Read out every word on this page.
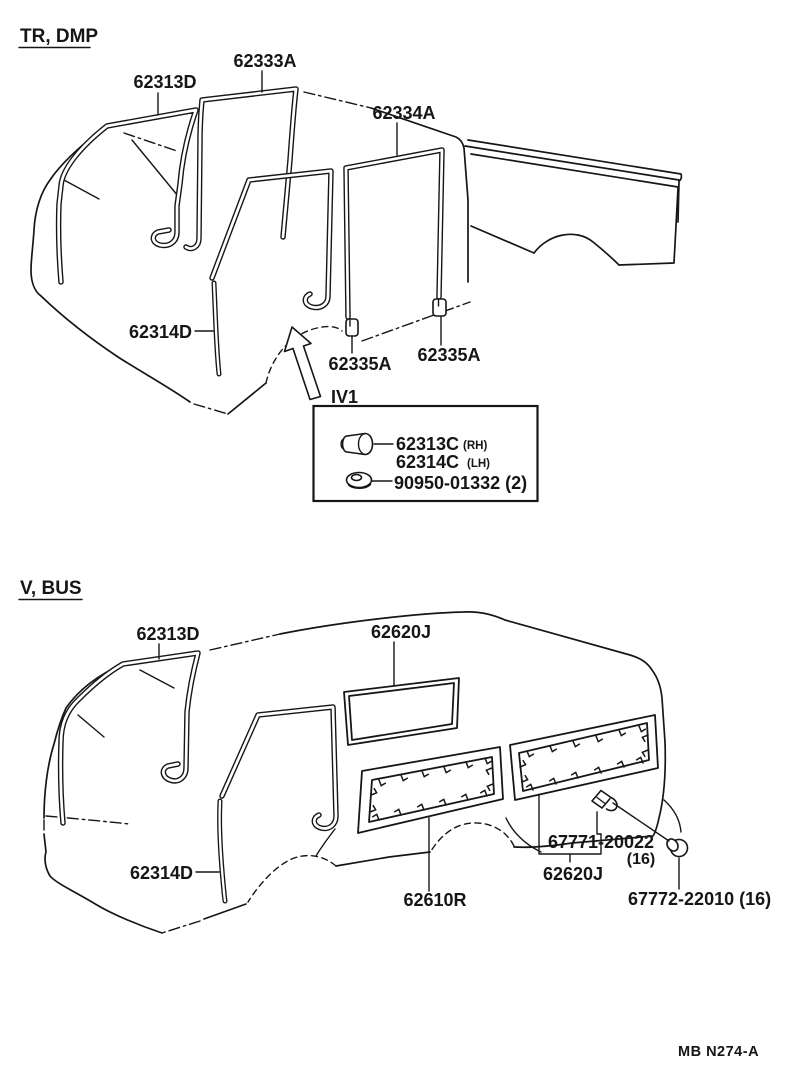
TR, DMP
62313D
62333A
62334A
62314D
62335A 62335A
IV1
62313C (RH)
62314C (LH)
90950-01332 (2)
V, BUS
62313D	62620J
62314D
62610R
67771-20022
(16)
62620J
67772-22010 (16)
MB N274-A
